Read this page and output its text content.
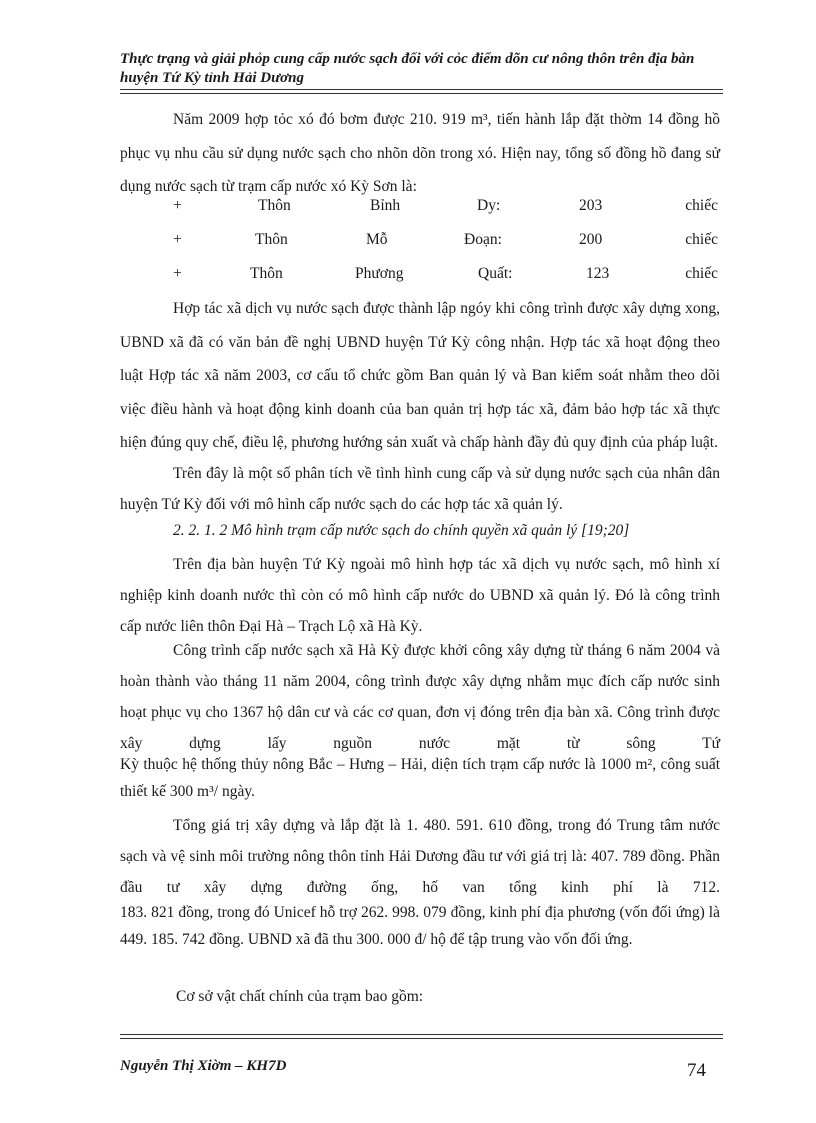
Thực trạng và giải phỏp cung cấp nước sạch đối với cỏc điểm dõn cư nông thôn trên địa bàn huyện Tứ Kỳ tỉnh Hải Dương
Năm 2009 hợp tỏc xó đó bơm được 210. 919 m³, tiến hành lắp đặt thờm 14 đồng hồ phục vụ nhu cầu sử dụng nước sạch cho nhõn dõn trong xó. Hiện nay, tổng số đồng hồ đang sử dụng nước sạch từ trạm cấp nước xó Kỳ Sơn là:
+	Thôn	Bỉnh	Dy:	203	chiếc
+	Thôn	Mỗ	Đoạn:	200	chiếc
+	Thôn	Phương	Quất:	123	chiếc
Hợp tác xã dịch vụ nước sạch được thành lập ngóy khi công trình được xây dựng xong, UBND xã đã có văn bản đề nghị UBND huyện Tứ Kỳ công nhận. Hợp tác xã hoạt động theo luật Hợp tác xã năm 2003, cơ cấu tổ chức gồm Ban quản lý và Ban kiểm soát nhằm theo dõi việc điều hành và hoạt động kinh doanh của ban quản trị hợp tác xã, đảm bảo hợp tác xã thực hiện đúng quy chế, điều lệ, phương hướng sản xuất và chấp hành đầy đủ quy định của pháp luật.
Trên đây là một số phân tích về tình hình cung cấp và sử dụng nước sạch của nhân dân huyện Tứ Kỳ đối với mô hình cấp nước sạch do các hợp tác xã quản lý.
2. 2. 1. 2 Mô hình trạm cấp nước sạch do chính quyền xã quản lý [19;20]
Trên địa bàn huyện Tứ Kỳ ngoài mô hình hợp tác xã dịch vụ nước sạch, mô hình xí nghiệp kinh doanh nước thì còn có mô hình cấp nước do UBND xã quản lý. Đó là công trình cấp nước liên thôn Đại Hà – Trạch Lộ xã Hà Kỳ.
Công trình cấp nước sạch xã Hà Kỳ được khởi công xây dựng từ tháng 6 năm 2004 và hoàn thành vào tháng 11 năm 2004, công trình được xây dựng nhằm mục đích cấp nước sinh hoạt phục vụ cho 1367 hộ dân cư và các cơ quan, đơn vị đóng trên địa bàn xã. Công trình được xây dựng lấy nguồn nước mặt từ sông Tứ
Kỳ thuộc hệ thống thủy nông Bắc – Hưng – Hải, diện tích trạm cấp nước là 1000 m², công suất thiết kế 300 m³/ ngày.
Tổng giá trị xây dựng và lắp đặt là 1. 480. 591. 610 đồng, trong đó Trung tâm nước sạch và vệ sinh môi trường nông thôn tỉnh Hải Dương đầu tư với giá trị là: 407. 789 đồng. Phần đầu tư xây dựng đường ống, hố van tổng kinh phí là 712.
183. 821 đồng, trong đó Unicef hỗ trợ 262. 998. 079 đồng, kinh phí địa phương (vốn đối ứng) là 449. 185. 742 đồng. UBND xã đã thu 300. 000 đ/ hộ để tập trung vào vốn đối ứng.
Cơ sở vật chất chính của trạm bao gồm:
Nguyễn Thị Xiờm – KH7D	74
